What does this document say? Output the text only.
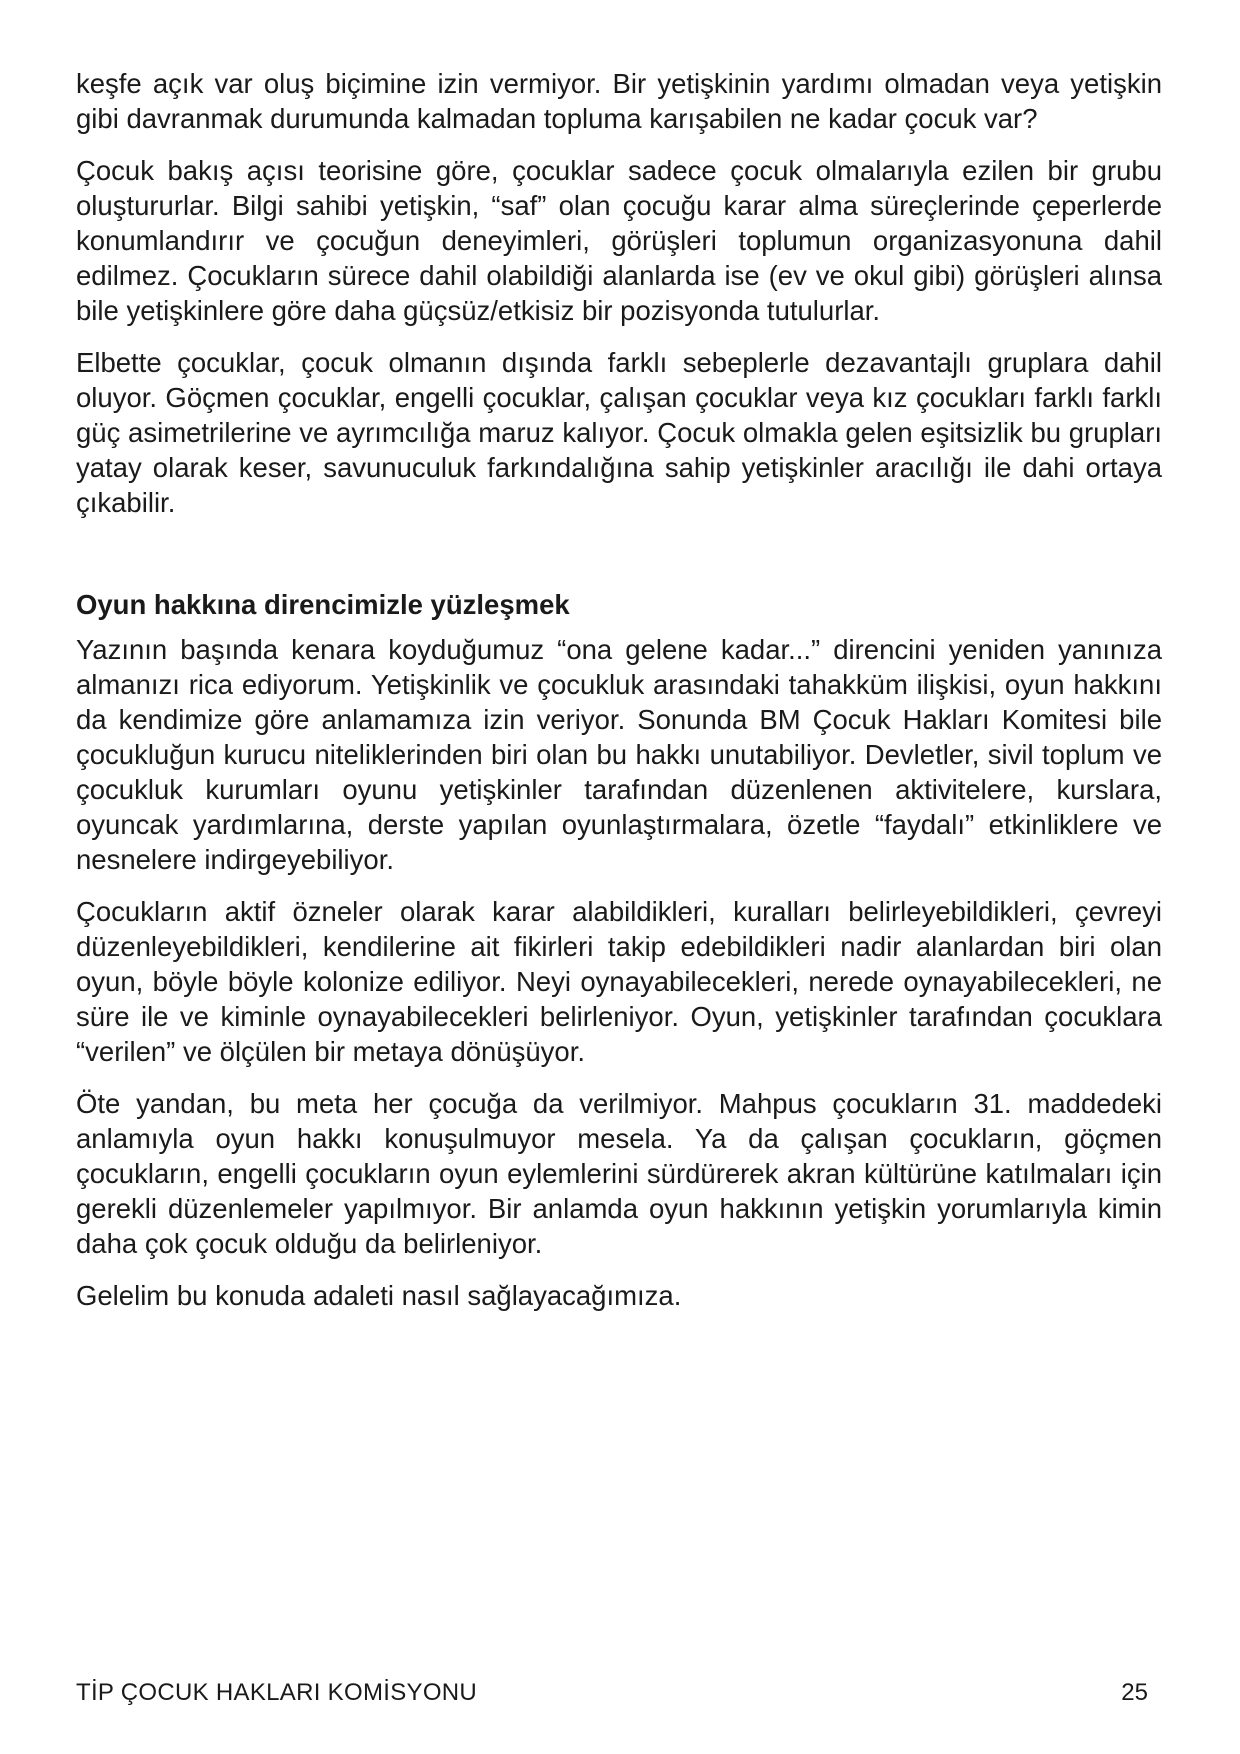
keşfe açık var oluş biçimine izin vermiyor. Bir yetişkinin yardımı olmadan veya yetişkin gibi davranmak durumunda kalmadan topluma karışabilen ne kadar çocuk var?

Çocuk bakış açısı teorisine göre, çocuklar sadece çocuk olmalarıyla ezilen bir grubu oluştururlar. Bilgi sahibi yetişkin, “saf” olan çocuğu karar alma süreçlerinde çeperlerde konumlandırır ve çocuğun deneyimleri, görüşleri toplumun organizasyonuna dahil edilmez. Çocukların sürece dahil olabildiği alanlarda ise (ev ve okul gibi) görüşleri alınsa bile yetişkinlere göre daha güçsüz/etkisiz bir pozisyonda tutulurlar.

Elbette çocuklar, çocuk olmanın dışında farklı sebeplerle dezavantajlı gruplara dahil oluyor. Göçmen çocuklar, engelli çocuklar, çalışan çocuklar veya kız çocukları farklı farklı güç asimetrilerine ve ayrımcılığa maruz kalıyor. Çocuk olmakla gelen eşitsizlik bu grupları yatay olarak keser, savunuculuk farkındalığına sahip yetişkinler aracılığı ile dahi ortaya çıkabilir.

Oyun hakkına direncimizle yüzleşmek

Yazının başında kenara koyduğumuz “ona gelene kadar...” direncini yeniden yanınıza almanızı rica ediyorum. Yetişkinlik ve çocukluk arasındaki tahakküm ilişkisi, oyun hakkını da kendimize göre anlamamıza izin veriyor. Sonunda BM Çocuk Hakları Komitesi bile çocukluğun kurucu niteliklerinden biri olan bu hakkı unutabiliyor. Devletler, sivil toplum ve çocukluk kurumları oyunu yetişkinler tarafından düzenlenen aktivitelere, kurslara, oyuncak yardımlarına, derste yapılan oyunlaştırmalara, özetle “faydalı” etkinliklere ve nesnelere indirgeyebiliyor.

Çocukların aktif özneler olarak karar alabildikleri, kuralları belirleyebildikleri, çevreyi düzenleyebildikleri, kendilerine ait fikirleri takip edebildikleri nadir alanlardan biri olan oyun, böyle böyle kolonize ediliyor. Neyi oynayabilecekleri, nerede oynayabilecekleri, ne süre ile ve kiminle oynayabilecekleri belirleniyor. Oyun, yetişkinler tarafından çocuklara “verilen” ve ölçülen bir metaya dönüşüyor.

Öte yandan, bu meta her çocuğa da verilmiyor. Mahpus çocukların 31. maddedeki anlamıyla oyun hakkı konuşulmuyor mesela. Ya da çalışan çocukların, göçmen çocukların, engelli çocukların oyun eylemlerini sürdürerek akran kültürüne katılmaları için gerekli düzenlemeler yapılmıyor. Bir anlamda oyun hakkının yetişkin yorumlarıyla kimin daha çok çocuk olduğu da belirleniyor.

Gelelim bu konuda adaleti nasıl sağlayacağımıza.

TİP ÇOCUK HAKLARI KOMİSYONU	25
